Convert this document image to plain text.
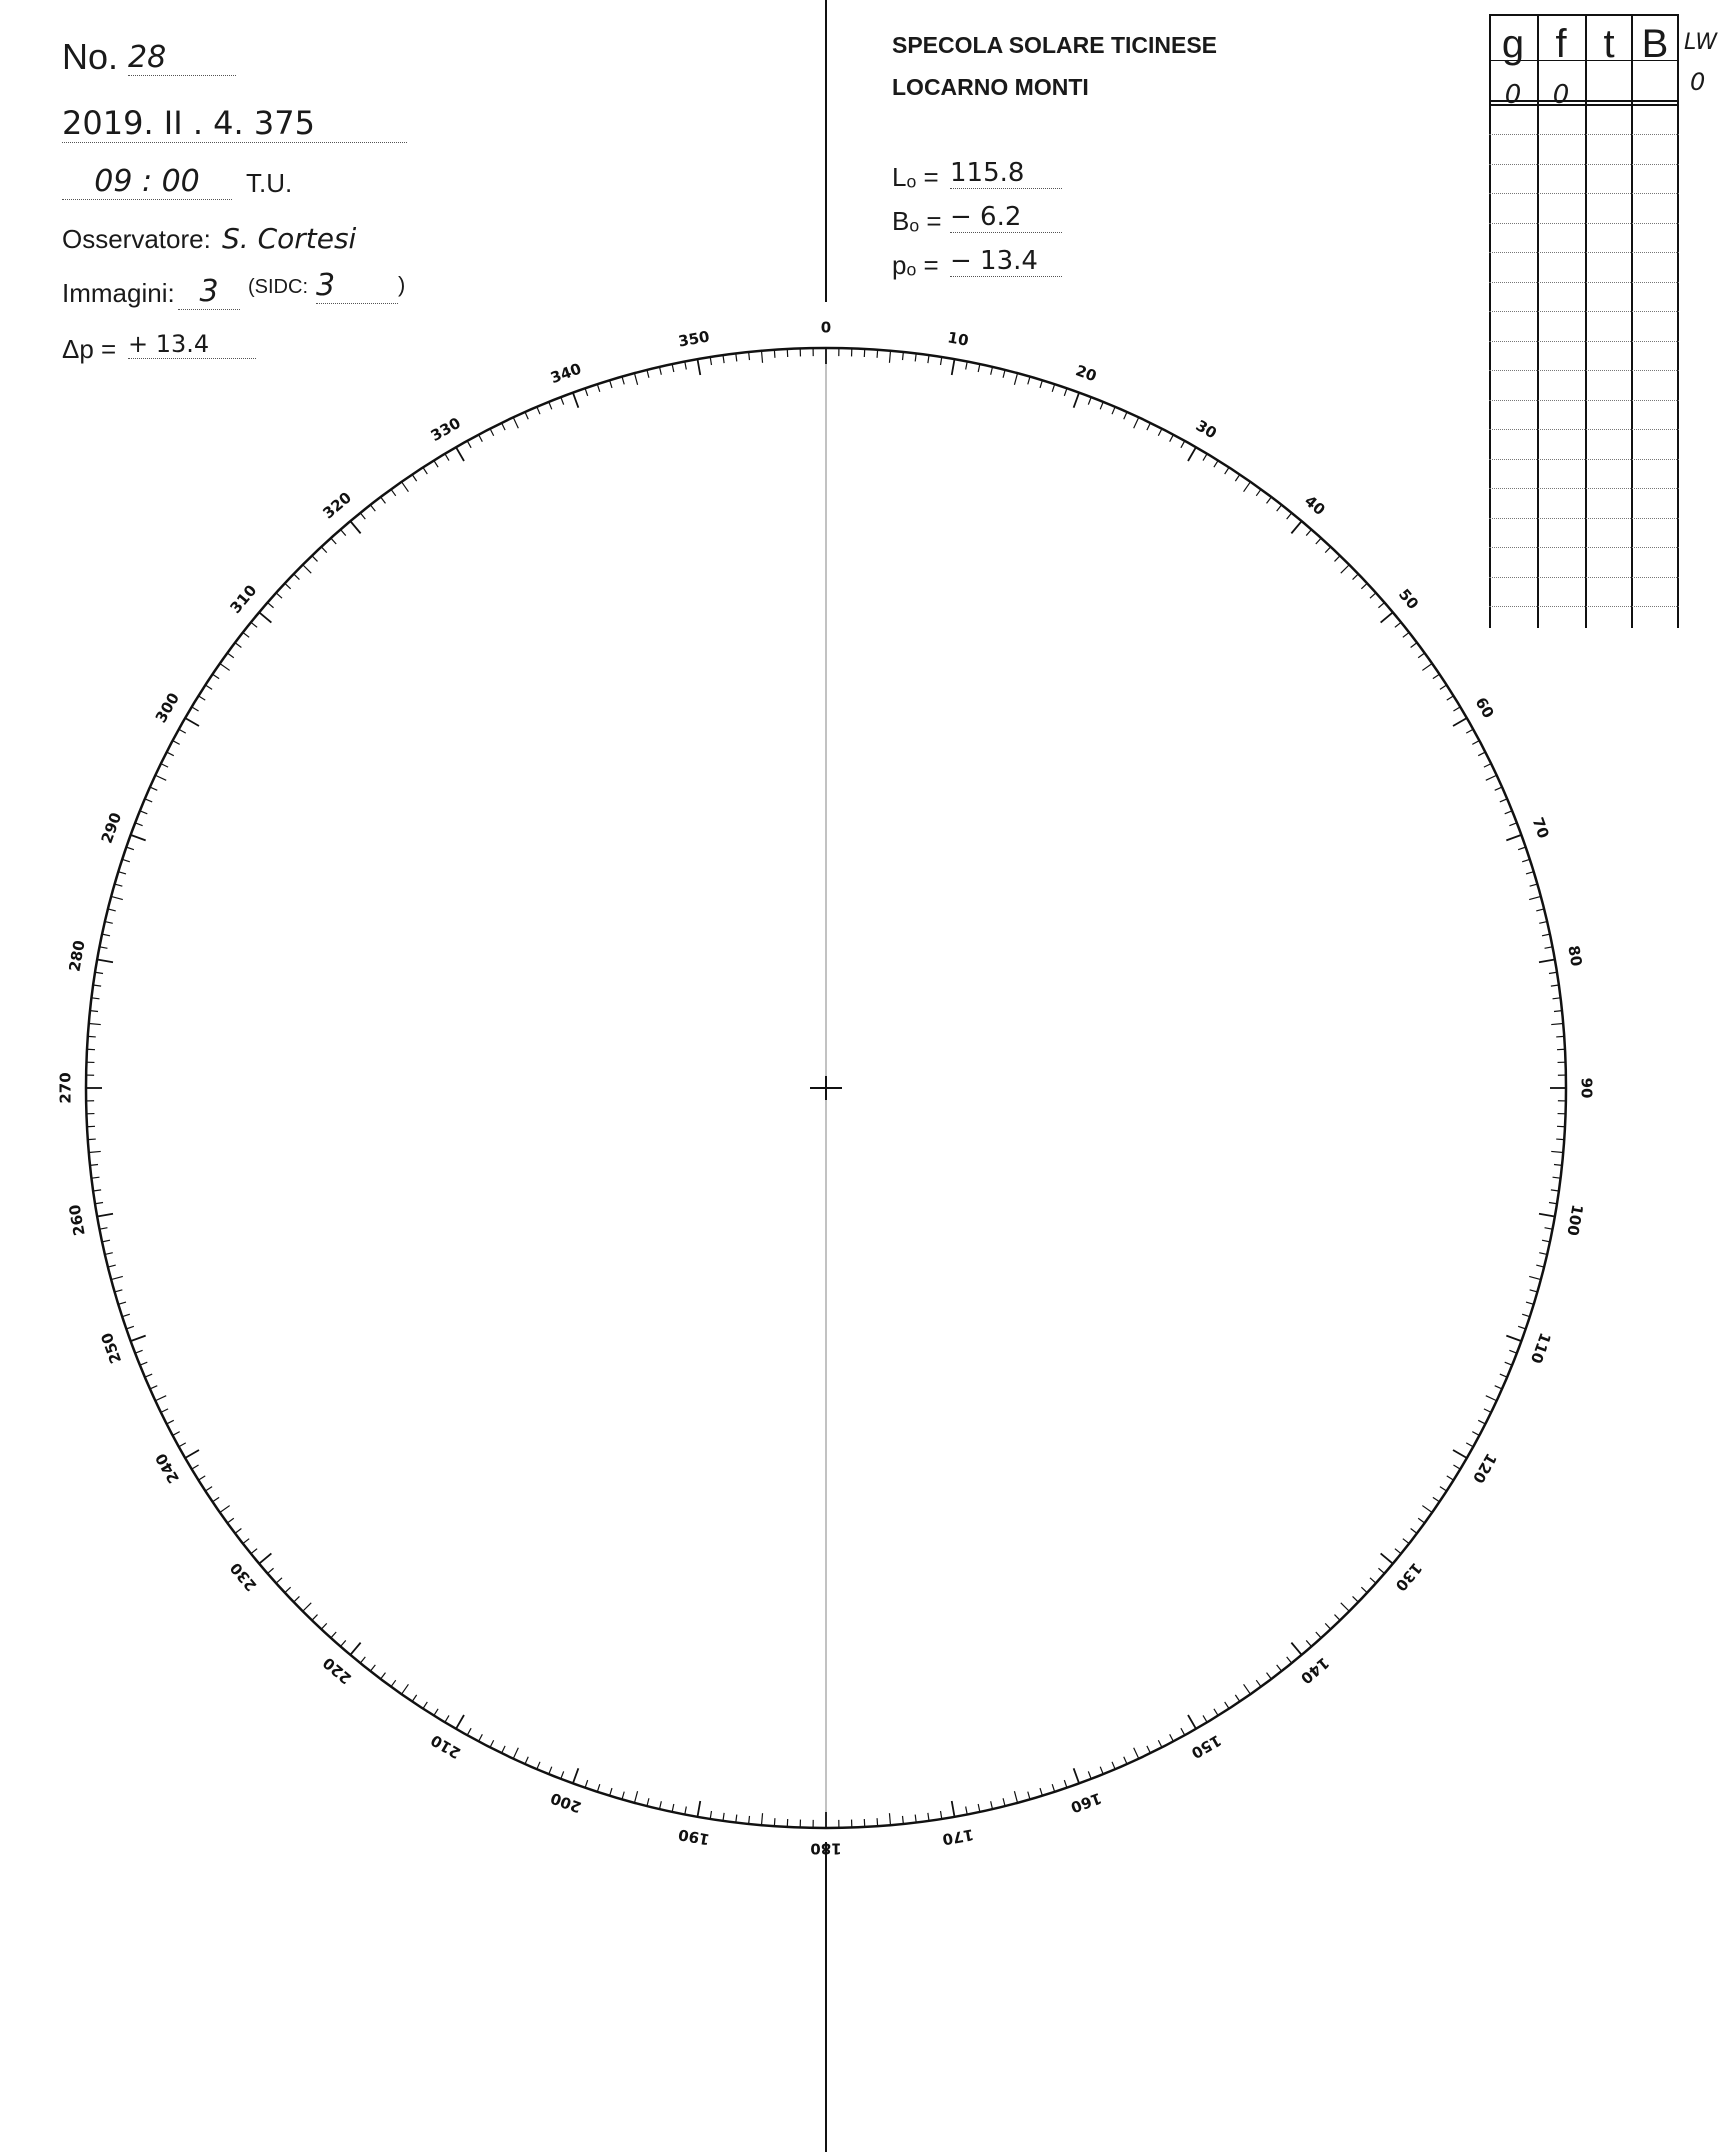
No. 28
2019. II . 4. 375
09 : 00	T.U.
Osservatore: S. Cortesi
Immagini: 3	(SIDC: 3	)
Δp = + 13.4
SPECOLA SOLARE TICINESE
LOCARNO MONTI
Lₒ = 115.8
Bₒ = − 6.2
pₒ = − 13.4
g f t B
0	0
LW
0
0
10
20
30
40
50
60
70
80
90
100
110
120
130
140
150
160
170
180
190
200
210
220
230
240
250
260
270
280
290
300
310
320
330
340
350
